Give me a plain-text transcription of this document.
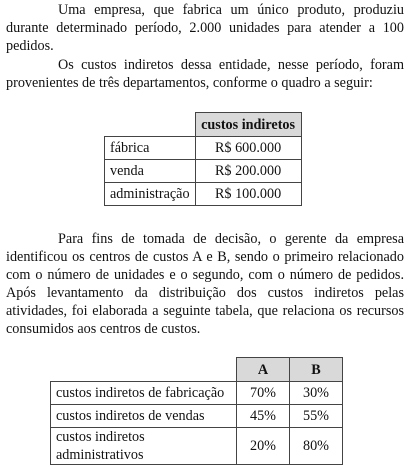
Uma empresa, que fabrica um único produto, produziu durante determinado período, 2.000 unidades para atender a 100 pedidos.

Os custos indiretos dessa entidade, nesse período, foram provenientes de três departamentos, conforme o quadro a seguir:

	custos indiretos
fábrica	R$ 600.000
venda	R$ 200.000
administração	R$ 100.000

Para fins de tomada de decisão, o gerente da empresa identificou os centros de custos A e B, sendo o primeiro relacionado com o número de unidades e o segundo, com o número de pedidos. Após levantamento da distribuição dos custos indiretos pelas atividades, foi elaborada a seguinte tabela, que relaciona os recursos consumidos aos centros de custos.

	A	B
custos indiretos de fabricação	70%	30%
custos indiretos de vendas	45%	55%
custos indiretos administrativos	20%	80%
